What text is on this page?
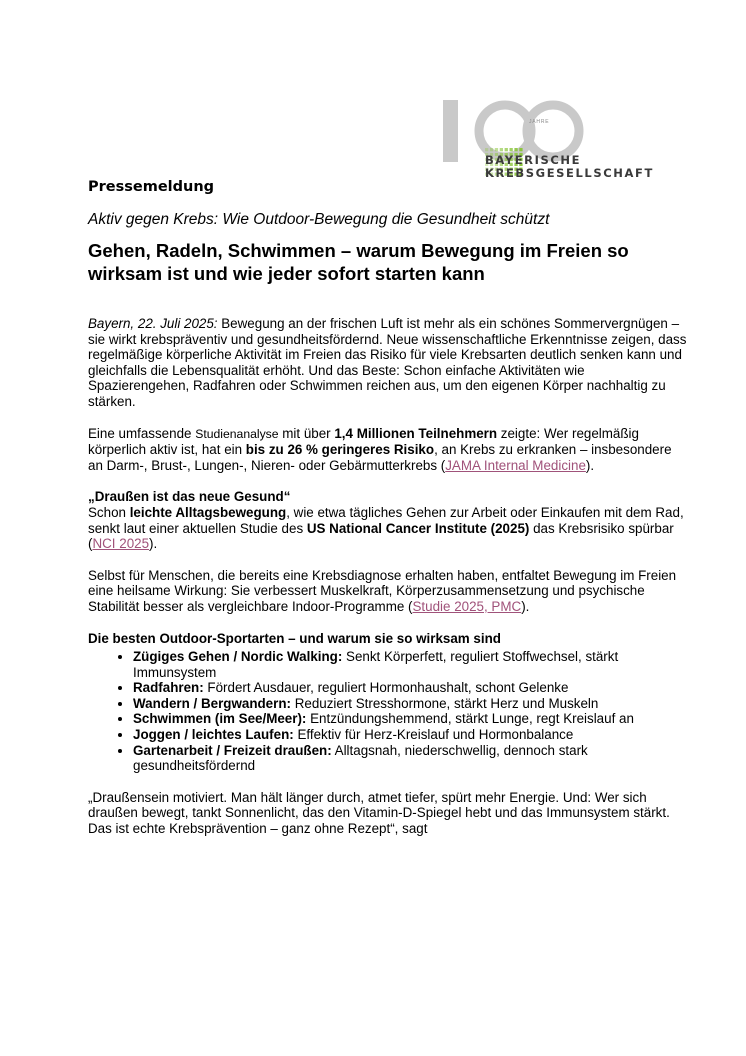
JAHRE
BAYERISCHE
KREBSGESELLSCHAFT
Pressemeldung
Aktiv gegen Krebs: Wie Outdoor-Bewegung die Gesundheit schützt
Gehen, Radeln, Schwimmen – warum Bewegung im Freien so wirksam ist und wie jeder sofort starten kann

Bayern, 22. Juli 2025: Bewegung an der frischen Luft ist mehr als ein schönes Sommervergnügen – sie wirkt krebspräventiv und gesundheitsfördernd. Neue wissenschaftliche Erkenntnisse zeigen, dass regelmäßige körperliche Aktivität im Freien das Risiko für viele Krebsarten deutlich senken kann und gleichfalls die Lebensqualität erhöht. Und das Beste: Schon einfache Aktivitäten wie Spazierengehen, Radfahren oder Schwimmen reichen aus, um den eigenen Körper nachhaltig zu stärken.

Eine umfassende Studienanalyse mit über 1,4 Millionen Teilnehmern zeigte: Wer regelmäßig körperlich aktiv ist, hat ein bis zu 26 % geringeres Risiko, an Krebs zu erkranken – insbesondere an Darm-, Brust-, Lungen-, Nieren- oder Gebärmutterkrebs (JAMA Internal Medicine).

„Draußen ist das neue Gesund“

Schon leichte Alltagsbewegung, wie etwa tägliches Gehen zur Arbeit oder Einkaufen mit dem Rad, senkt laut einer aktuellen Studie des US National Cancer Institute (2025) das Krebsrisiko spürbar (NCI 2025).

Selbst für Menschen, die bereits eine Krebsdiagnose erhalten haben, entfaltet Bewegung im Freien eine heilsame Wirkung: Sie verbessert Muskelkraft, Körperzusammensetzung und psychische Stabilität besser als vergleichbare Indoor-Programme (Studie 2025, PMC).

Die besten Outdoor-Sportarten – und warum sie so wirksam sind
• Zügiges Gehen / Nordic Walking: Senkt Körperfett, reguliert Stoffwechsel, stärkt Immunsystem
• Radfahren: Fördert Ausdauer, reguliert Hormonhaushalt, schont Gelenke
• Wandern / Bergwandern: Reduziert Stresshormone, stärkt Herz und Muskeln
• Schwimmen (im See/Meer): Entzündungshemmend, stärkt Lunge, regt Kreislauf an
• Joggen / leichtes Laufen: Effektiv für Herz-Kreislauf und Hormonbalance
• Gartenarbeit / Freizeit draußen: Alltagsnah, niederschwellig, dennoch stark gesundheitsfördernd

„Draußensein motiviert. Man hält länger durch, atmet tiefer, spürt mehr Energie. Und: Wer sich draußen bewegt, tankt Sonnenlicht, das den Vitamin-D-Spiegel hebt und das Immunsystem stärkt. Das ist echte Krebsprävention – ganz ohne Rezept“, sagt
